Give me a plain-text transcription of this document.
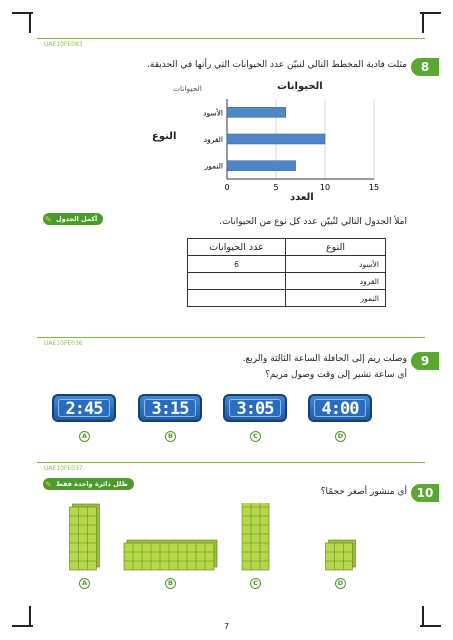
UAE10FE083
8
مثلت فادية المخطط التالي لتبيّن عدد الحيوانات التي رأتها في الحديقة.
الحيوانات	الحيوانات
النوع
العدد
0	5	10	15
الأسود
القرود
النمور
✎ أكمل الجدول	املأ الجدول التالي لتُبيّن عدد كل نوع من الحيوانات.
النوع	عدد الحيوانات
الأسود	6
القرود	
النمور	
UAE10FE036
9
وصلت ريم إلى الحافلة الساعة الثالثة والربع.
أي ساعة تشير إلى وقت وصول مريم؟
2:45	3:15	3:05	4:00
A	B	C	D
UAE10FE037
✎ ظلل دائرة واحدة فقط
10
أي منشور أصغر حجمًا؟
A	B	C	D
7
